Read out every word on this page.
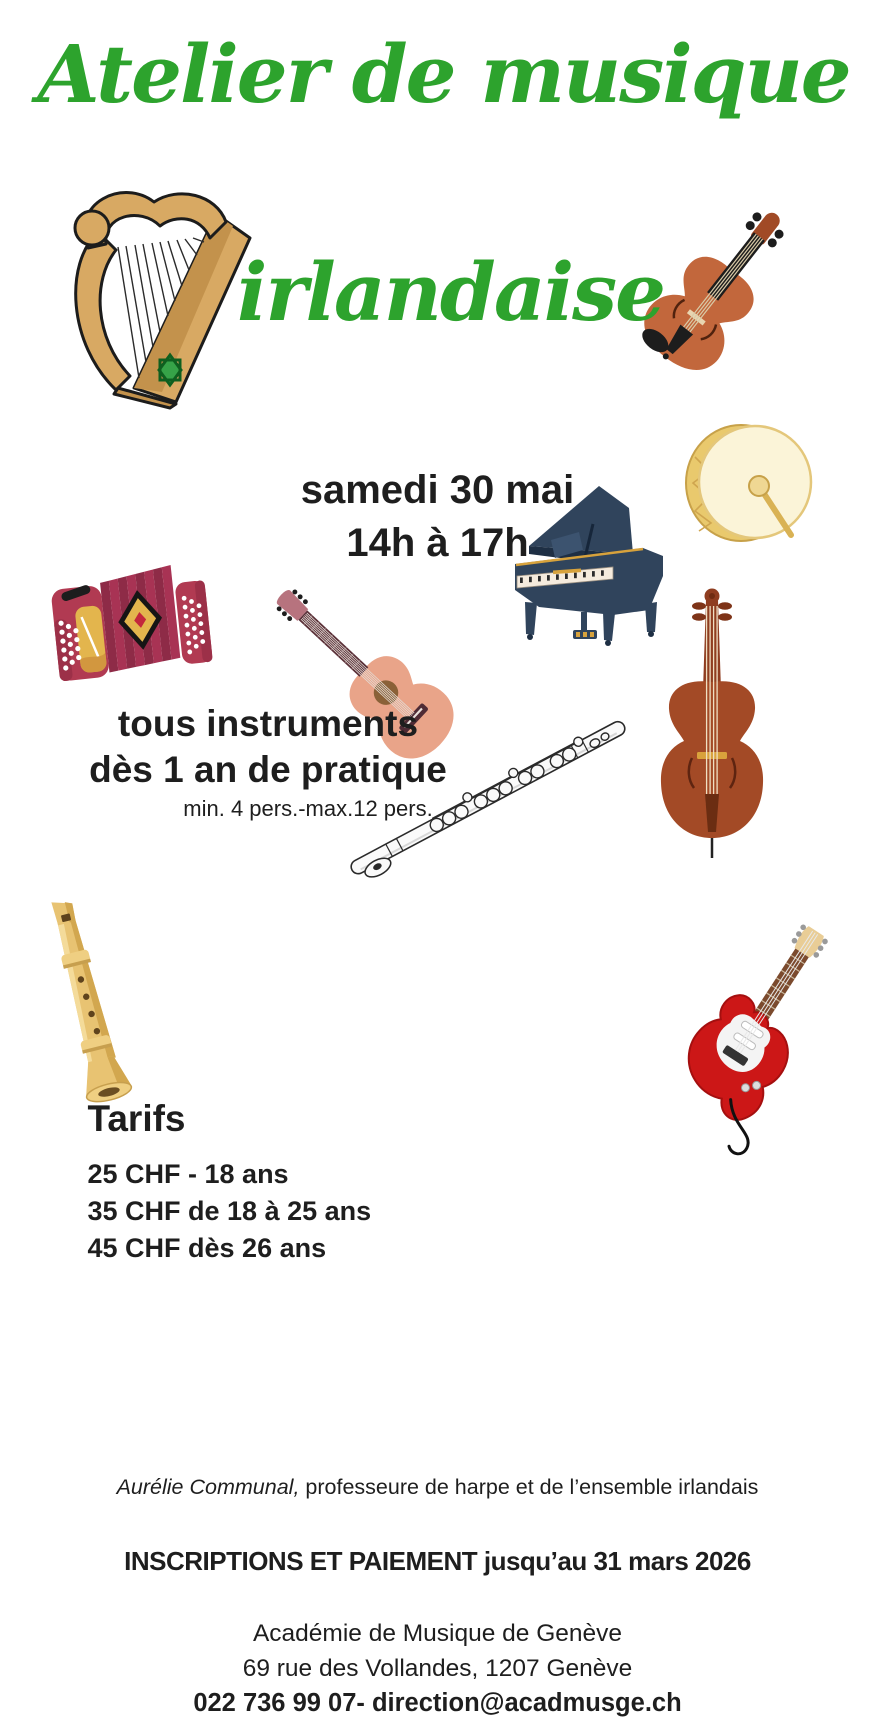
Atelier de musique
irlandaise
samedi 30 mai
14h à 17h
tous instruments
dès 1 an de pratique
min. 4 pers.-max.12 pers.
Tarifs
25 CHF - 18 ans
35 CHF de 18 à 25 ans
45 CHF dès 26 ans
Aurélie Communal, professeure de harpe et de l’ensemble irlandais
INSCRIPTIONS ET PAIEMENT jusqu’au 31 mars 2026
Académie de Musique de Genève
69 rue des Vollandes, 1207 Genève
022 736 99 07- direction@acadmusge.ch
